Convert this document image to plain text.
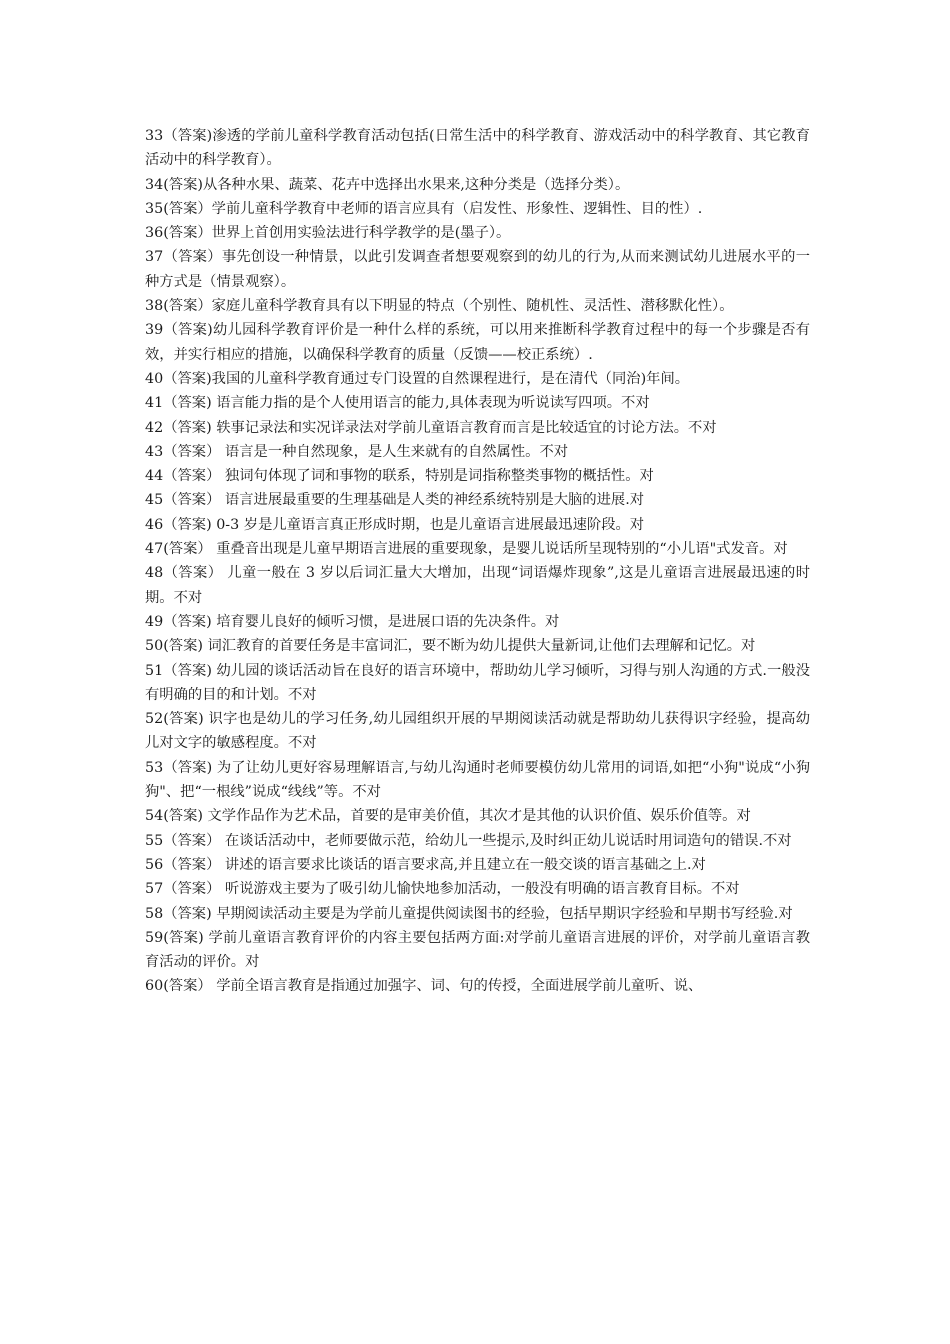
33（答案)渗透的学前儿童科学教育活动包括(日常生活中的科学教育、游戏活动中的科学教育、其它教育活动中的科学教育）。

34(答案)从各种水果、蔬菜、花卉中选择出水果来,这种分类是（选择分类）。

35(答案）学前儿童科学教育中老师的语言应具有（启发性、形象性、逻辑性、目的性）.

36(答案）世界上首创用实验法进行科学教学的是(墨子）。

37（答案）事先创设一种情景，以此引发调查者想要观察到的幼儿的行为,从而来测试幼儿进展水平的一种方式是（情景观察）。

38(答案）家庭儿童科学教育具有以下明显的特点（个别性、随机性、灵活性、潜移默化性）。

39（答案)幼儿园科学教育评价是一种什么样的系统，可以用来推断科学教育过程中的每一个步骤是否有效，并实行相应的措施，以确保科学教育的质量（反馈——校正系统）.

40（答案)我国的儿童科学教育通过专门设置的自然课程进行，是在清代（同治)年间。

41（答案) 语言能力指的是个人使用语言的能力,具体表现为听说读写四项。不对

42（答案) 轶事记录法和实况详录法对学前儿童语言教育而言是比较适宜的讨论方法。不对

43（答案） 语言是一种自然现象，是人生来就有的自然属性。不对

44（答案） 独词句体现了词和事物的联系，特别是词指称整类事物的概括性。对

45（答案） 语言进展最重要的生理基础是人类的神经系统特别是大脑的进展.对

46（答案) 0-3 岁是儿童语言真正形成时期，也是儿童语言进展最迅速阶段。对

47(答案） 重叠音出现是儿童早期语言进展的重要现象，是婴儿说话所呈现特别的“小儿语"式发音。对

48（答案） 儿童一般在 3 岁以后词汇量大大增加，出现“词语爆炸现象”,这是儿童语言进展最迅速的时期。不对

49（答案) 培育婴儿良好的倾听习惯，是进展口语的先决条件。对

50(答案) 词汇教育的首要任务是丰富词汇，要不断为幼儿提供大量新词,让他们去理解和记忆。对

51（答案) 幼儿园的谈话活动旨在良好的语言环境中，帮助幼儿学习倾听，习得与别人沟通的方式.一般没有明确的目的和计划。不对

52(答案) 识字也是幼儿的学习任务,幼儿园组织开展的早期阅读活动就是帮助幼儿获得识字经验，提高幼儿对文字的敏感程度。不对

53（答案) 为了让幼儿更好容易理解语言,与幼儿沟通时老师要模仿幼儿常用的词语,如把“小狗"说成“小狗狗"、把“一根线”说成“线线”等。不对

54(答案) 文学作品作为艺术品，首要的是审美价值，其次才是其他的认识价值、娱乐价值等。对

55（答案） 在谈话活动中，老师要做示范，给幼儿一些提示,及时纠正幼儿说话时用词造句的错误.不对

56（答案） 讲述的语言要求比谈话的语言要求高,并且建立在一般交谈的语言基础之上.对

57（答案） 听说游戏主要为了吸引幼儿愉快地参加活动，一般没有明确的语言教育目标。不对

58（答案) 早期阅读活动主要是为学前儿童提供阅读图书的经验，包括早期识字经验和早期书写经验.对

59(答案) 学前儿童语言教育评价的内容主要包括两方面:对学前儿童语言进展的评价，对学前儿童语言教育活动的评价。对

60(答案） 学前全语言教育是指通过加强字、词、句的传授，全面进展学前儿童听、说、
